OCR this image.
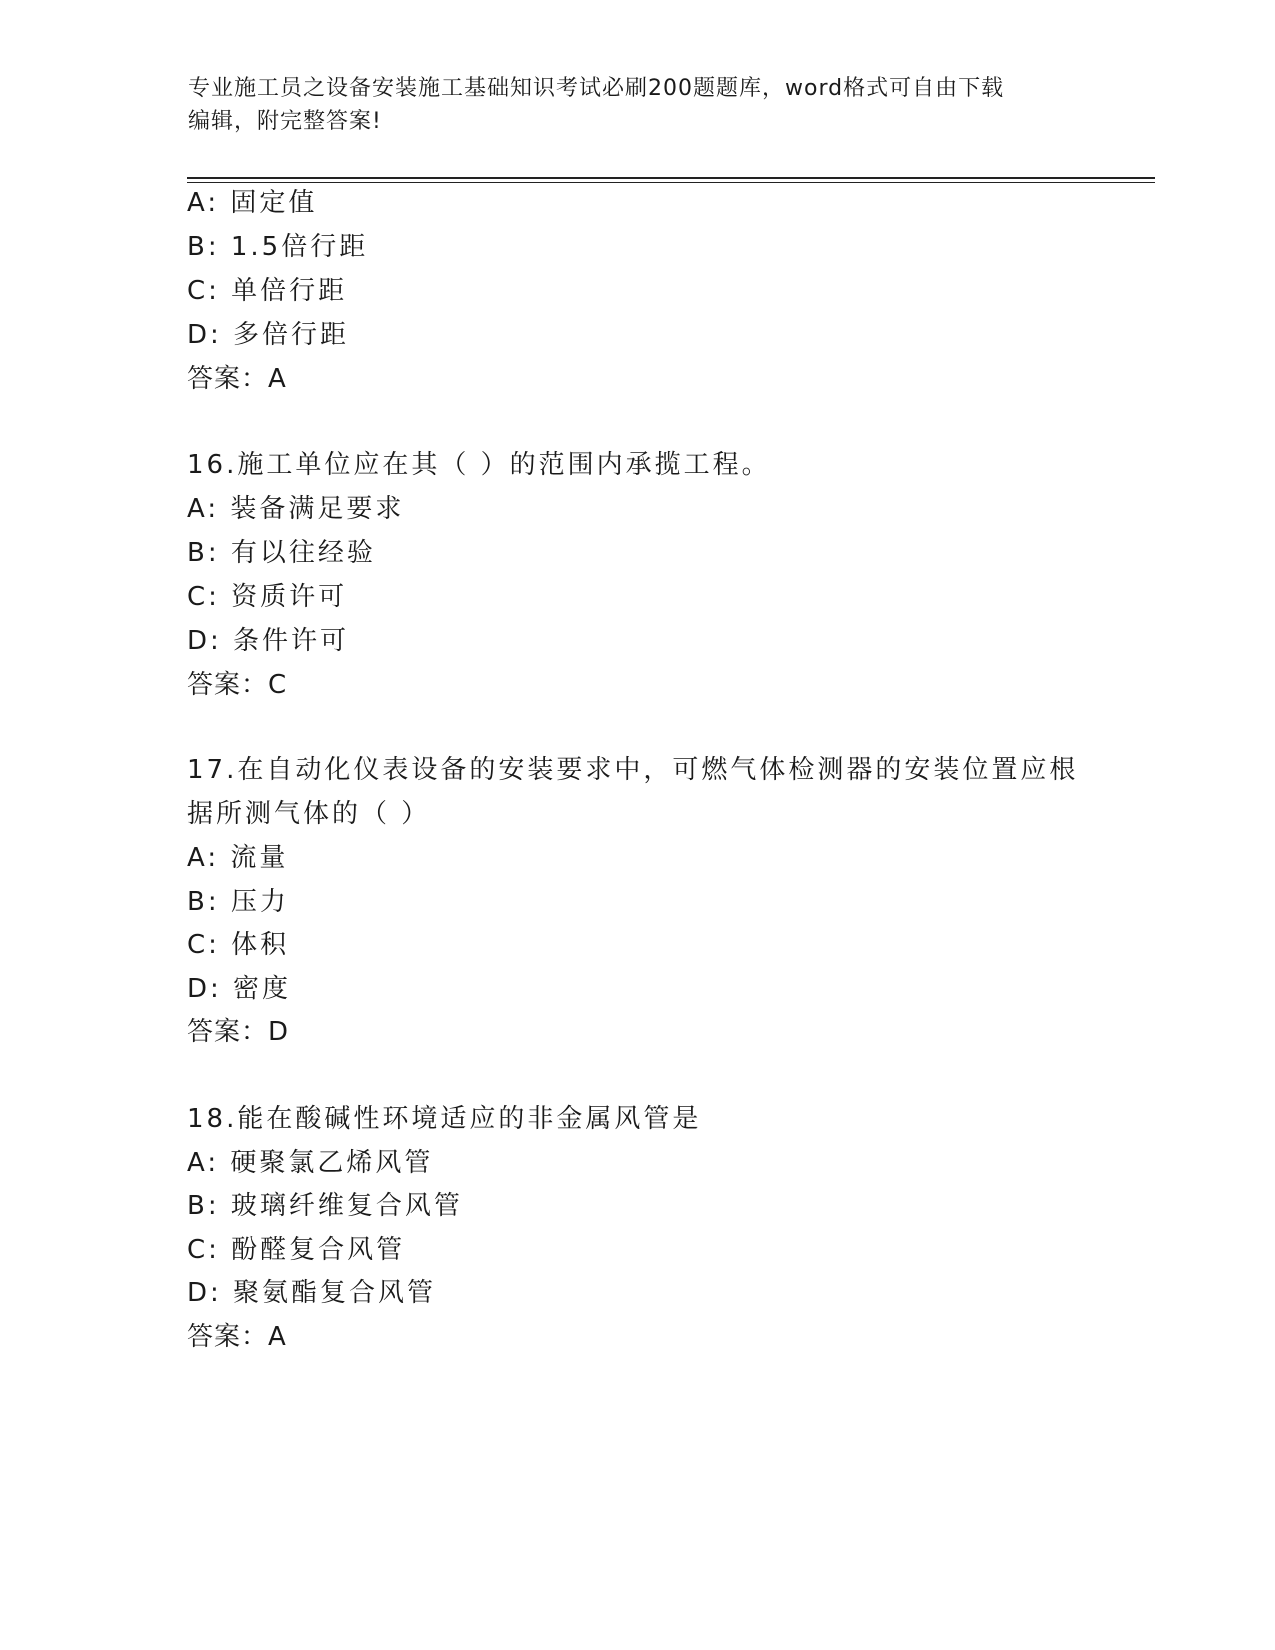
专业施工员之设备安装施工基础知识考试必刷200题题库，word格式可自由下载
编辑，附完整答案!
A: 固定值
B: 1.5倍行距
C: 单倍行距
D: 多倍行距
答案：A
16.施工单位应在其（ ）的范围内承揽工程。
A: 装备满足要求
B: 有以往经验
C: 资质许可
D: 条件许可
答案：C
17.在自动化仪表设备的安装要求中，可燃气体检测器的安装位置应根
据所测气体的（ ）
A: 流量
B: 压力
C: 体积
D: 密度
答案：D
18.能在酸碱性环境适应的非金属风管是
A: 硬聚氯乙烯风管
B: 玻璃纤维复合风管
C: 酚醛复合风管
D: 聚氨酯复合风管
答案：A
